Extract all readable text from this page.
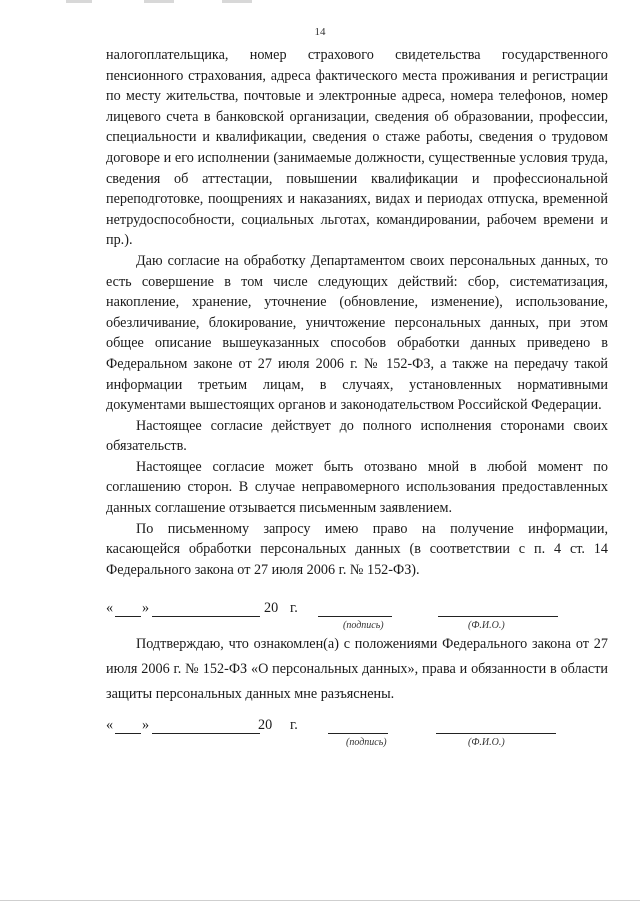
14

налогоплательщика, номер страхового свидетельства государственного пенсионного страхования, адреса фактического места проживания и регистрации по месту жительства, почтовые и электронные адреса, номера телефонов, номер лицевого счета в банковской организации, сведения об образовании, профессии, специальности и квалификации, сведения о стаже работы, сведения о трудовом договоре и его исполнении (занимаемые должности, существенные условия труда, сведения об аттестации, повышении квалификации и профессиональной переподготовке, поощрениях и наказаниях, видах и периодах отпуска, временной нетрудоспособности, социальных льготах, командировании, рабочем времени и пр.).

Даю согласие на обработку Департаментом своих персональных данных, то есть совершение в том числе следующих действий: сбор, систематизация, накопление, хранение, уточнение (обновление, изменение), использование, обезличивание, блокирование, уничтожение персональных данных, при этом общее описание вышеуказанных способов обработки данных приведено в Федеральном законе от 27 июля 2006 г. № 152-ФЗ, а также на передачу такой информации третьим лицам, в случаях, установленных нормативными документами вышестоящих органов и законодательством Российской Федерации.

Настоящее согласие действует до полного исполнения сторонами своих обязательств.

Настоящее согласие может быть отозвано мной в любой момент по соглашению сторон. В случае неправомерного использования предоставленных данных соглашение отзывается письменным заявлением.

По письменному запросу имею право на получение информации, касающейся обработки персональных данных (в соответствии с п. 4 ст. 14 Федерального закона от 27 июля 2006 г. № 152-ФЗ).

« »	20 г.
(подпись)	(Ф.И.О.)

Подтверждаю, что ознакомлен(а) с положениями Федерального закона от 27 июля 2006 г. № 152-ФЗ «О персональных данных», права и обязанности в области защиты персональных данных мне разъяснены.

« »	20 г.
(подпись)	(Ф.И.О.)
